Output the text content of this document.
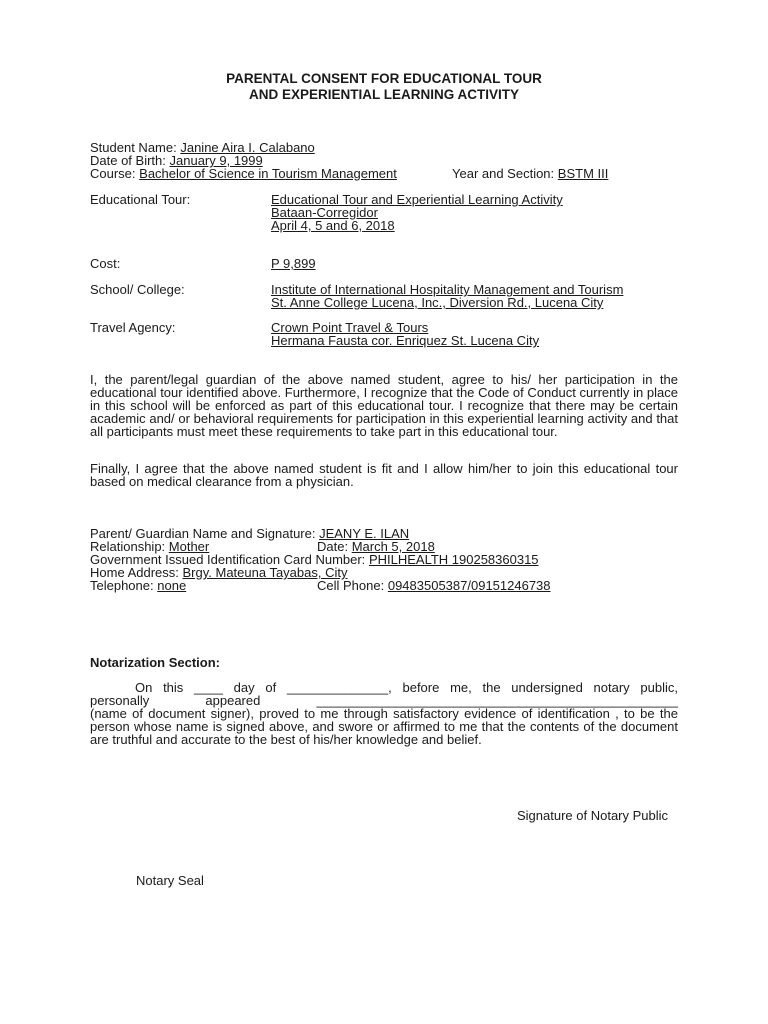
PARENTAL CONSENT FOR EDUCATIONAL TOUR
AND EXPERIENTIAL LEARNING ACTIVITY
Student Name: Janine Aira I. Calabano
Date of Birth: January 9, 1999
Course: Bachelor of Science in Tourism Management	Year and Section: BSTM III
Educational Tour:	Educational Tour and Experiential Learning Activity
Bataan-Corregidor
April 4, 5 and 6, 2018
Cost:	P 9,899
School/ College:	Institute of International Hospitality Management and Tourism
St. Anne College Lucena, Inc., Diversion Rd., Lucena City
Travel Agency:	Crown Point Travel & Tours
Hermana Fausta cor. Enriquez St. Lucena City
I, the parent/legal guardian of the above named student, agree to his/ her participation in the educational tour identified above. Furthermore, I recognize that the Code of Conduct currently in place in this school will be enforced as part of this educational tour. I recognize that there may be certain academic and/ or behavioral requirements for participation in this experiential learning activity and that all participants must meet these requirements to take part in this educational tour.
Finally, I agree that the above named student is fit and I allow him/her to join this educational tour based on medical clearance from a physician.
Parent/ Guardian Name and Signature: JEANY E. ILAN
Relationship: Mother	Date: March 5, 2018
Government Issued Identification Card Number: PHILHEALTH 190258360315
Home Address: Brgy. Mateuna Tayabas, City
Telephone: none	Cell Phone: 09483505387/09151246738
Notarization Section:
On this ____ day of ______________, before me, the undersigned notary public,
personally appeared __________________________________________________
(name of document signer), proved to me through satisfactory evidence of identification , to be the person whose name is signed above, and swore or affirmed to me that the contents of the document are truthful and accurate to the best of his/her knowledge and belief.
Signature of Notary Public
Notary Seal
